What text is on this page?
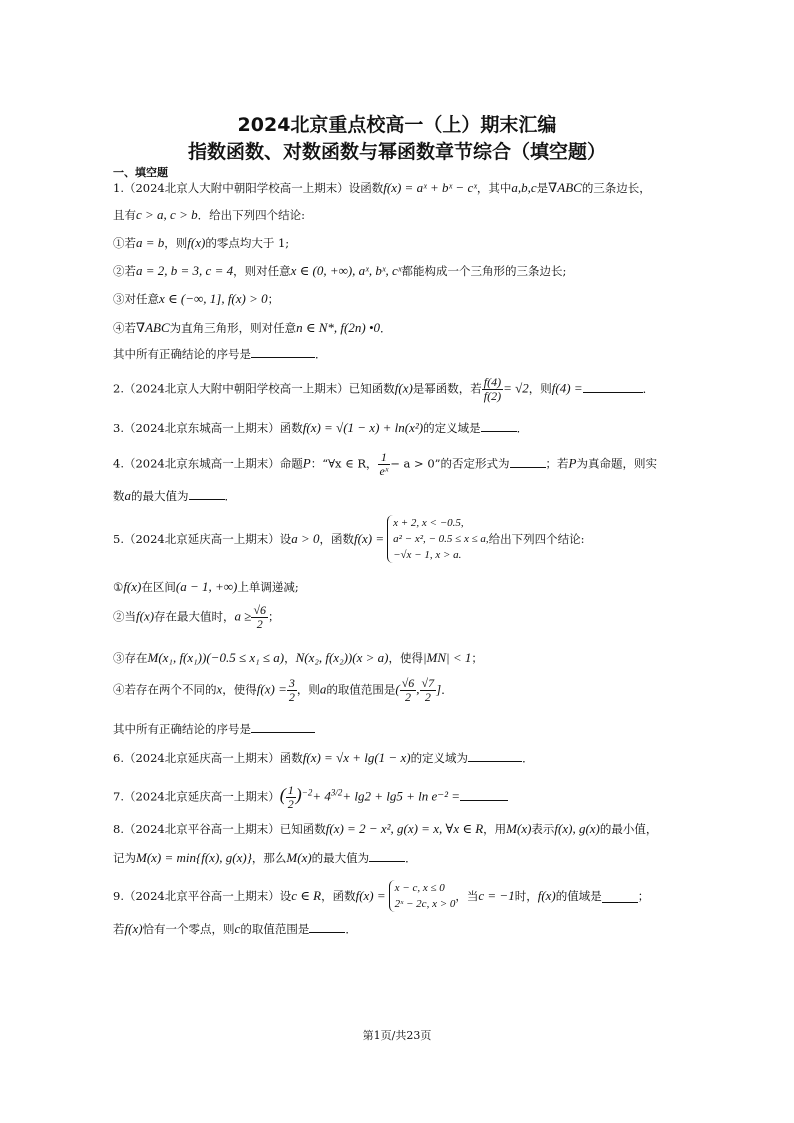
2024北京重点校高一（上）期末汇编
指数函数、对数函数与幂函数章节综合（填空题）
一、填空题
1.（2024北京人大附中朝阳学校高一上期末）设函数f(x) = aˣ + bˣ − cˣ，其中a,b,c是∇ABC的三条边长，
且有c > a, c > b．给出下列四个结论:
①若a = b，则f(x)的零点均大于 1;
②若a = 2, b = 3, c = 4，则对任意x ∈ (0, +∞), aˣ, bˣ, cˣ都能构成一个三角形的三条边长;
③对任意x ∈ (−∞, 1], f(x) > 0；
④若∇ABC为直角三角形，则对任意n ∈ N*, f(2n) •0．
其中所有正确结论的序号是	．
2.（2024北京人大附中朝阳学校高一上期末）已知函数f(x)是幂函数，若 $\frac{f(4)}{f(2)} = √2$，则f(4) =	．
3.（2024北京东城高一上期末）函数f(x) = √(1 − x) + ln(x²)的定义域是	．
4.（2024北京东城高一上期末）命题P：“∀x ∈ R， $\frac{1}{\text{eˣ}} - a > 0$”的否定形式为	；若P为真命题，则实
数a的最大值为	．
5.（2024北京延庆高一上期末）设a > 0，函数f(x) =
x + 2, x < −0.5,
a² − x², − 0.5 ≤ x ≤ a,
−√x − 1, x > a.
给出下列四个结论:
①f(x)在区间(a − 1, +∞)上单调递减;
②当f(x)存在最大值时，$a \ge \frac{√6}{2}$ ；
③存在M(x₁, f(x₁))(−0.5 ≤ x₁ ≤ a)，N(x₂, f(x₂))(x > a)，使得|MN| < 1；
④若存在两个不同的x，使得$f(x) = \frac{3}{2}$ ，则a的取值范围是( $\frac{√6}{2}$ , $\frac{√7}{2}$ ]．
其中所有正确结论的序号是
6.（2024北京延庆高一上期末）函数f(x) = √x + lg(1 − x)的定义域为	．
7.（2024北京延庆高一上期末）( $\frac{1}{2} )^{-2}+ 4^{3/2}+ \lg 2 + \lg 5 + \ln e^{-2}$ =
8.（2024北京平谷高一上期末）已知函数f(x) = 2 − x², g(x) = x, ∀x ∈ R，用M(x)表示f(x), g(x)的最小值，
记为M(x) = min{f(x), g(x)}，那么M(x)的最大值为	．
9.（2024北京平谷高一上期末）设c ∈ R，函数f(x) = x − c, x ≤ 0
2ˣ − 2c, x > 0
，当c = −1时，f(x)的值域是	；
若f(x)恰有一个零点，则c的取值范围是	．
第1页/共23页
